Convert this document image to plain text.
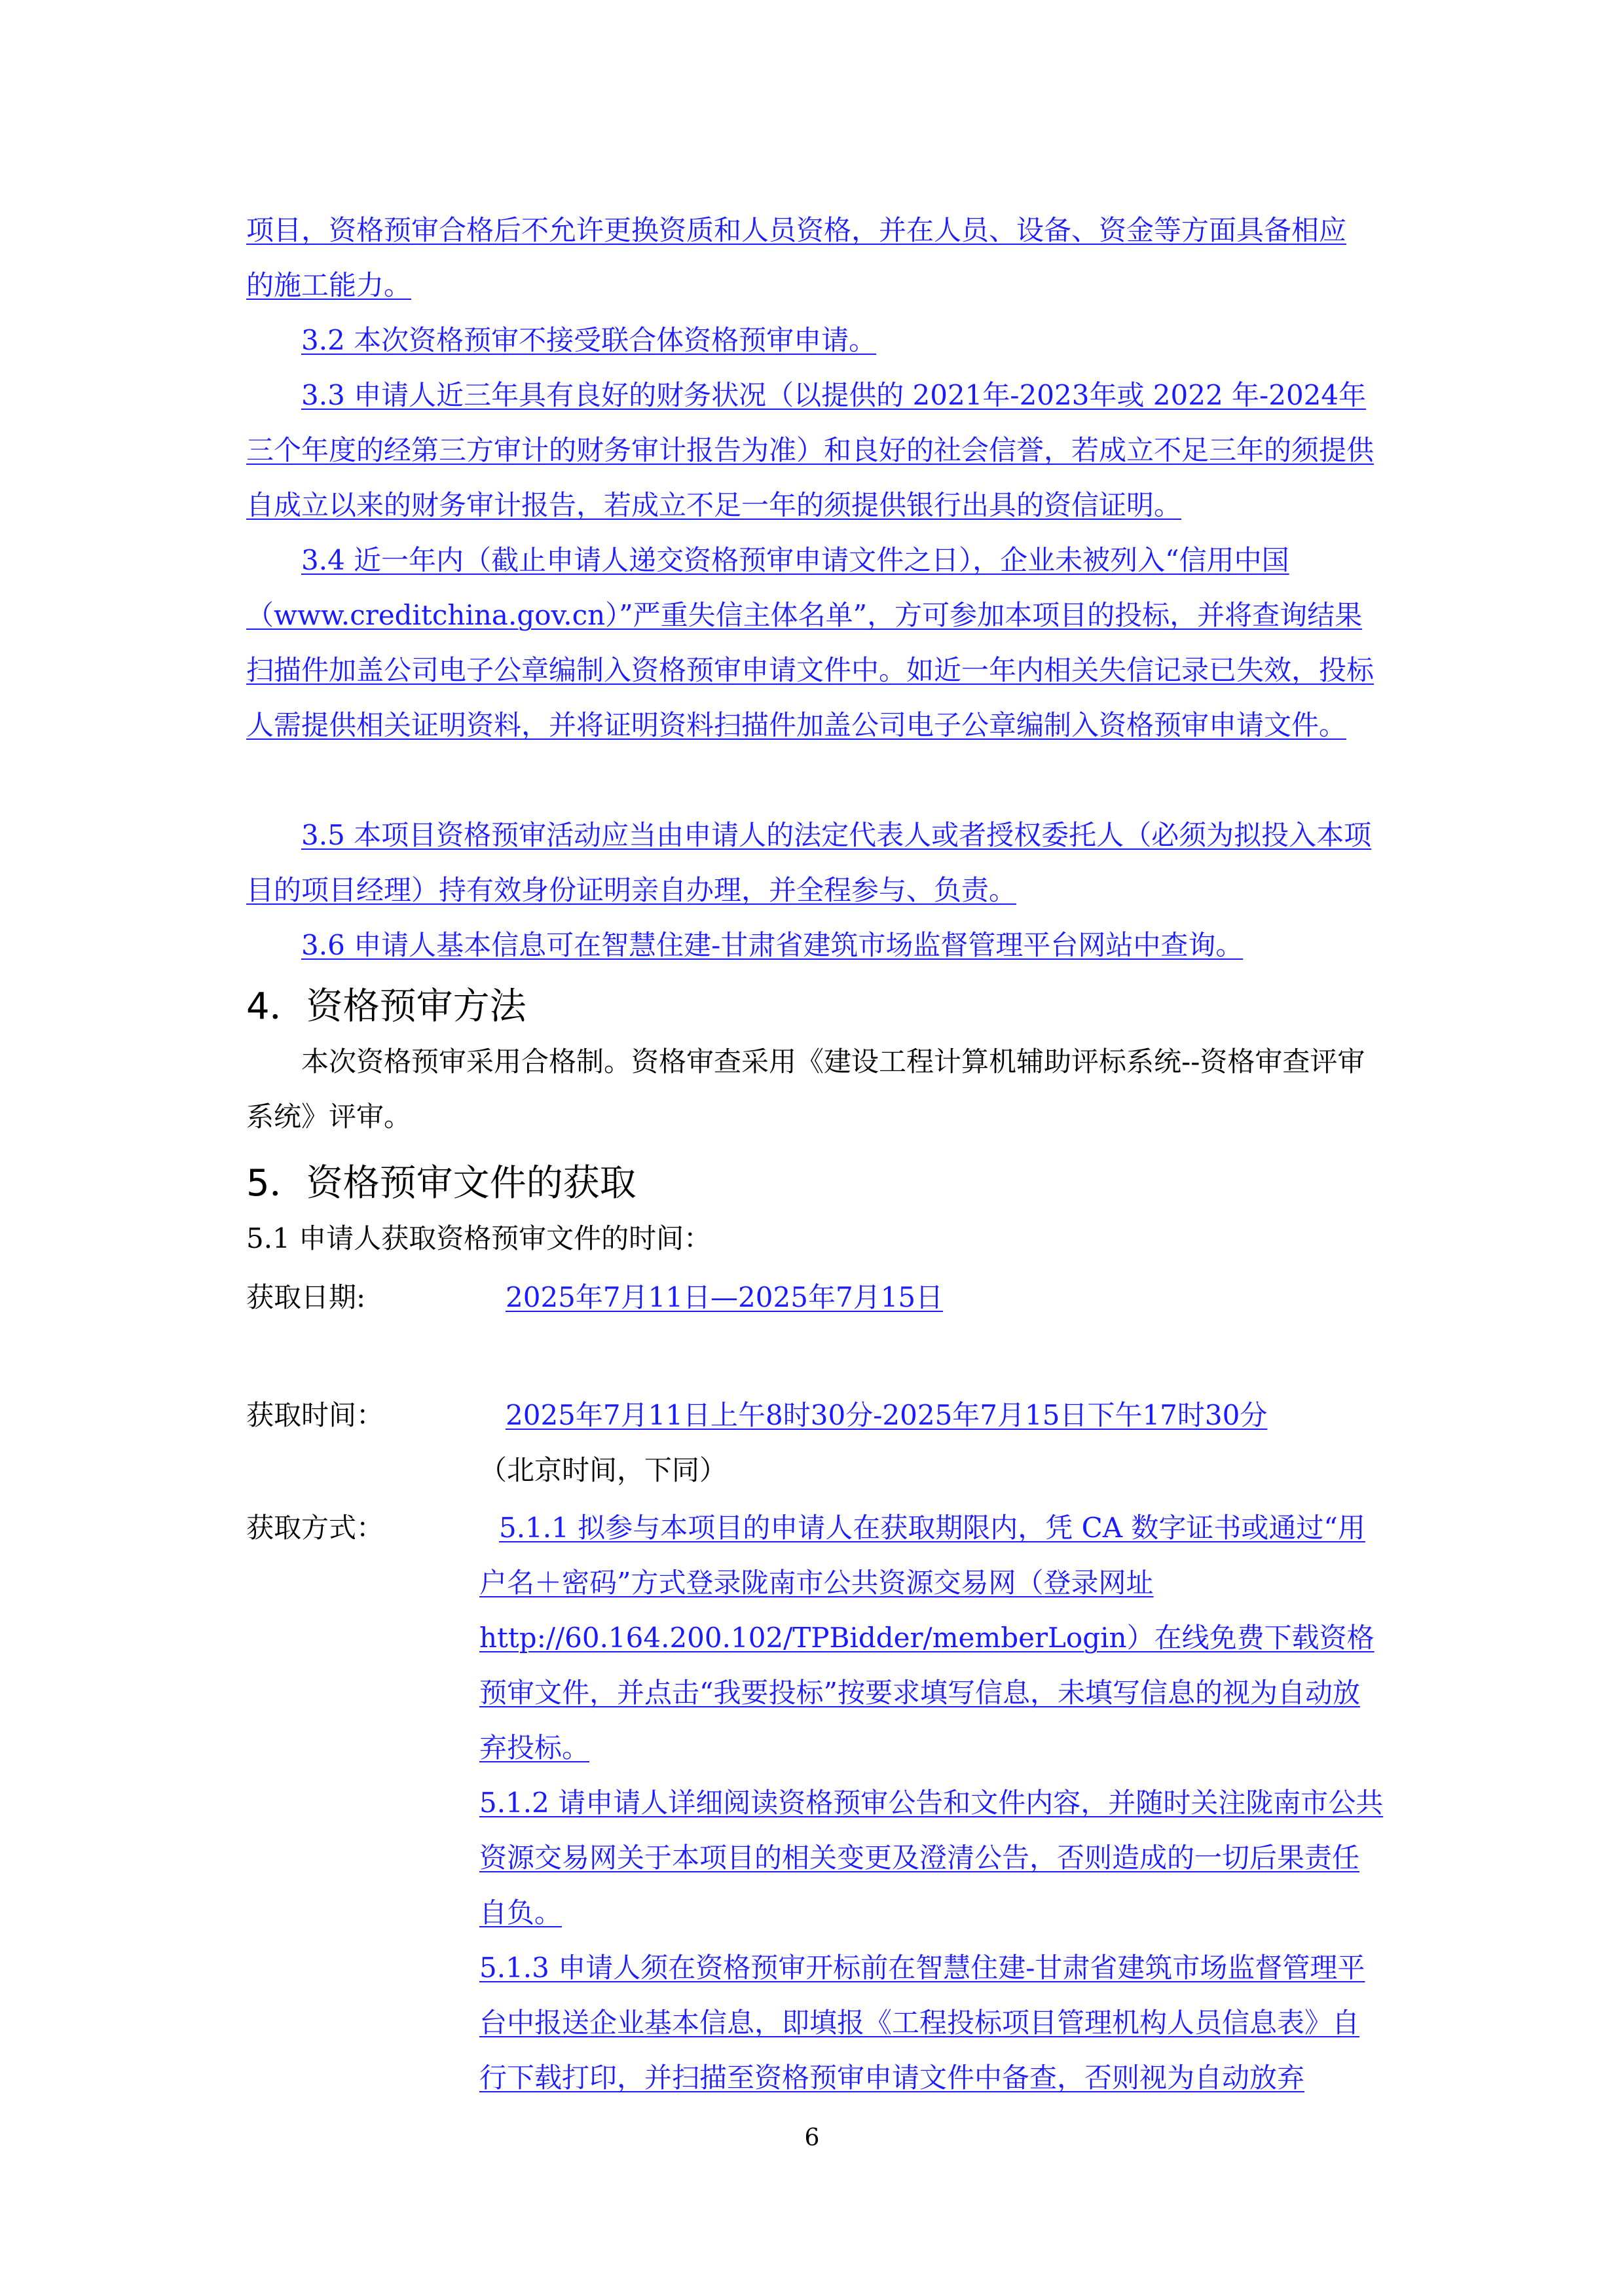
项目，资格预审合格后不允许更换资质和人员资格，并在人员、设备、资金等方面具备相应
的施工能力。
3.2 本次资格预审不接受联合体资格预审申请。
3.3 申请人近三年具有良好的财务状况（以提供的 2021年-2023年或 2022 年-2024年三个年度的经第三方审计的财务审计报告为准）和良好的社会信誉，若成立不足三年的须提供自成立以来的财务审计报告，若成立不足一年的须提供银行出具的资信证明。
3.4 近一年内（截止申请人递交资格预审申请文件之日），企业未被列入“信用中国（www.creditchina.gov.cn）”严重失信主体名单”，方可参加本项目的投标，并将查询结果扫描件加盖公司电子公章编制入资格预审申请文件中。如近一年内相关失信记录已失效，投标人需提供相关证明资料，并将证明资料扫描件加盖公司电子公章编制入资格预审申请文件。
3.5 本项目资格预审活动应当由申请人的法定代表人或者授权委托人（必须为拟投入本项目的项目经理）持有效身份证明亲自办理，并全程参与、负责。
3.6 申请人基本信息可在智慧住建-甘肃省建筑市场监督管理平台网站中查询。
4．资格预审方法
本次资格预审采用合格制。资格审查采用《建设工程计算机辅助评标系统--资格审查评审系统》评审。
5．资格预审文件的获取
5.1 申请人获取资格预审文件的时间：
获取日期:	2025年7月11日—2025年7月15日
获取时间：	2025年7月11日上午8时30分-2025年7月15日下午17时30分（北京时间，下同）
获取方式：	5.1.1 拟参与本项目的申请人在获取期限内，凭 CA 数字证书或通过“用户名＋密码”方式登录陇南市公共资源交易网（登录网址 http://60.164.200.102/TPBidder/memberLogin）在线免费下载资格预审文件，并点击“我要投标”按要求填写信息，未填写信息的视为自动放弃投标。
5.1.2 请申请人详细阅读资格预审公告和文件内容，并随时关注陇南市公共资源交易网关于本项目的相关变更及澄清公告，否则造成的一切后果责任自负。
5.1.3 申请人须在资格预审开标前在智慧住建-甘肃省建筑市场监督管理平台中报送企业基本信息，即填报《工程投标项目管理机构人员信息表》自行下载打印，并扫描至资格预审申请文件中备查，否则视为自动放弃
6
